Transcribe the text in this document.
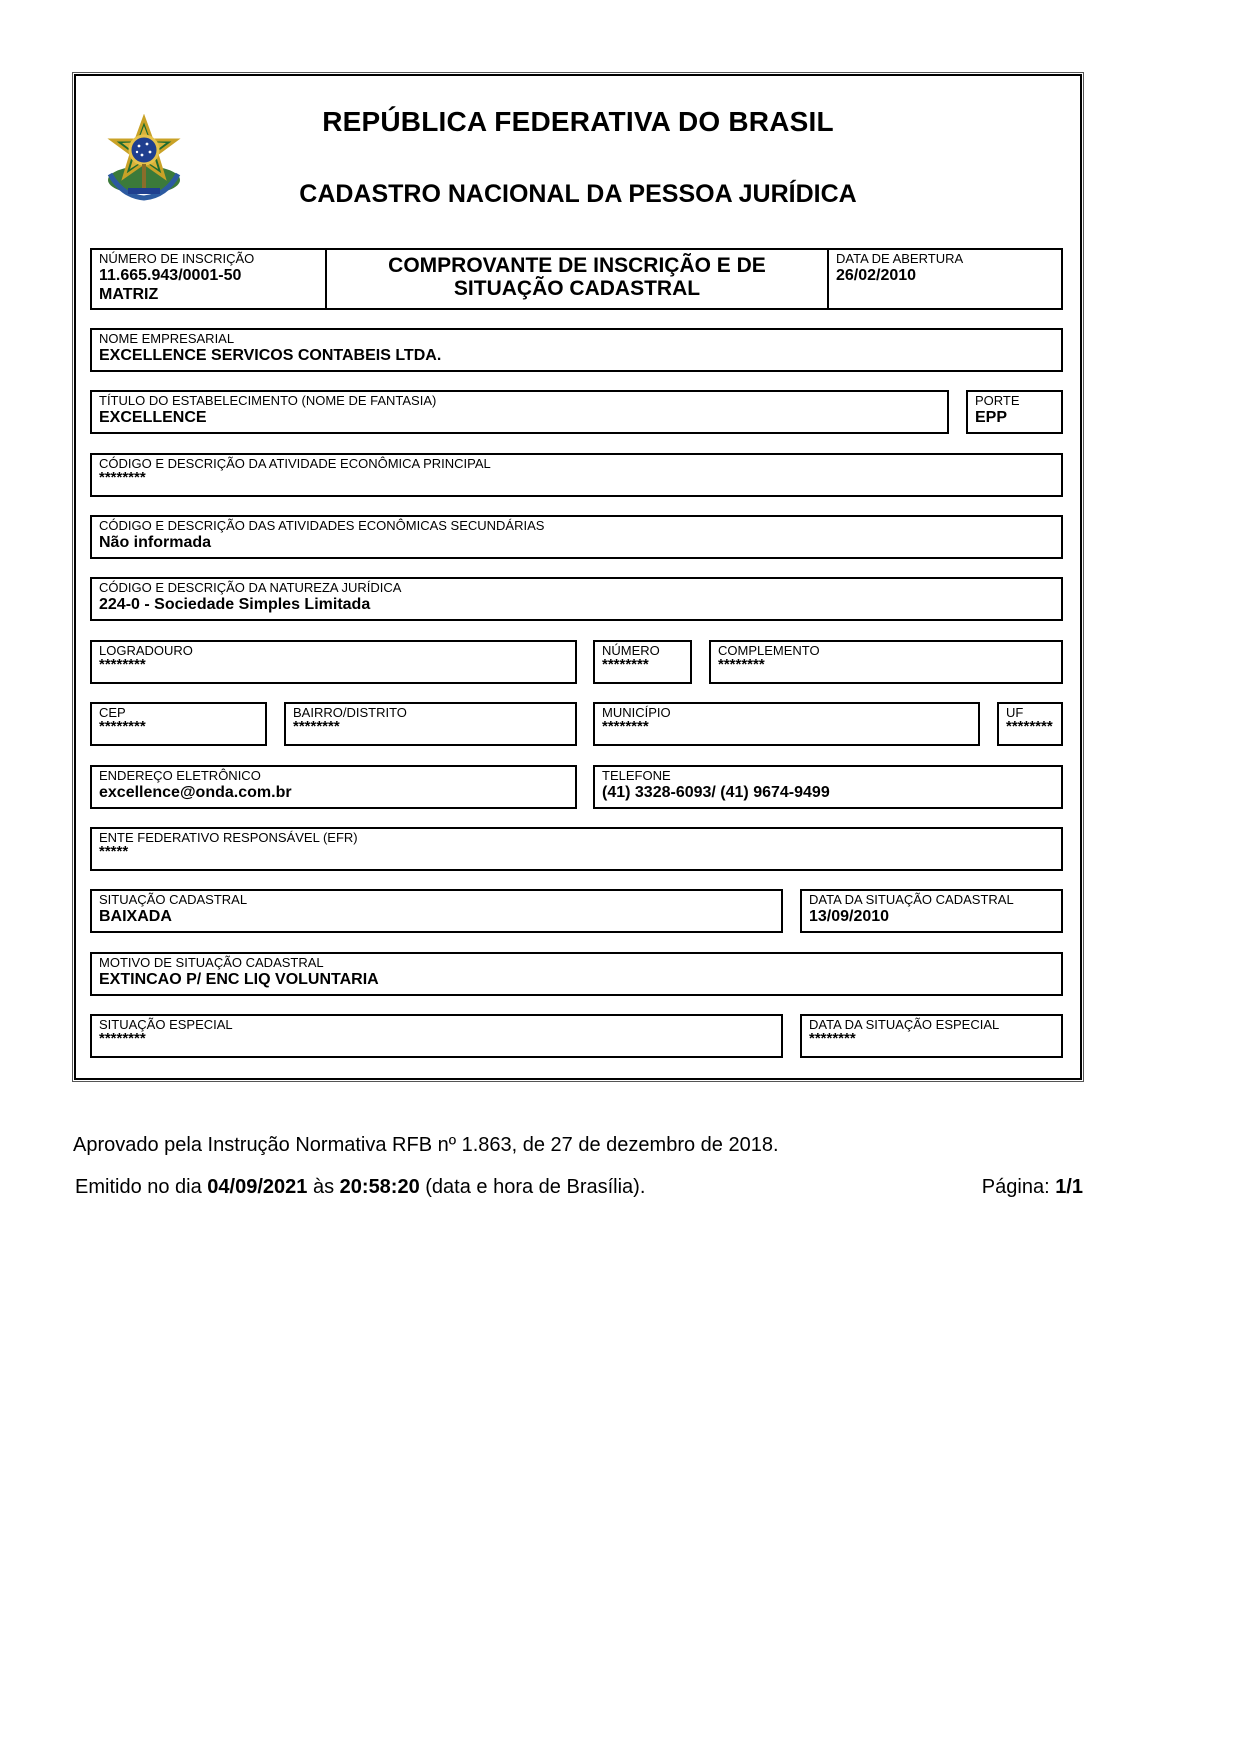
REPÚBLICA FEDERATIVA DO BRASIL
CADASTRO NACIONAL DA PESSOA JURÍDICA
NÚMERO DE INSCRIÇÃO
11.665.943/0001-50
MATRIZ
COMPROVANTE DE INSCRIÇÃO E DE SITUAÇÃO CADASTRAL
DATA DE ABERTURA
26/02/2010
NOME EMPRESARIAL
EXCELLENCE SERVICOS CONTABEIS LTDA.
TÍTULO DO ESTABELECIMENTO (NOME DE FANTASIA)
EXCELLENCE
PORTE
EPP
CÓDIGO E DESCRIÇÃO DA ATIVIDADE ECONÔMICA PRINCIPAL
********
CÓDIGO E DESCRIÇÃO DAS ATIVIDADES ECONÔMICAS SECUNDÁRIAS
Não informada
CÓDIGO E DESCRIÇÃO DA NATUREZA JURÍDICA
224-0 - Sociedade Simples Limitada
LOGRADOURO
********
NÚMERO
********
COMPLEMENTO
********
CEP
********
BAIRRO/DISTRITO
********
MUNICÍPIO
********
UF
********
ENDEREÇO ELETRÔNICO
excellence@onda.com.br
TELEFONE
(41) 3328-6093/ (41) 9674-9499
ENTE FEDERATIVO RESPONSÁVEL (EFR)
*****
SITUAÇÃO CADASTRAL
BAIXADA
DATA DA SITUAÇÃO CADASTRAL
13/09/2010
MOTIVO DE SITUAÇÃO CADASTRAL
EXTINCAO P/ ENC LIQ VOLUNTARIA
SITUAÇÃO ESPECIAL
********
DATA DA SITUAÇÃO ESPECIAL
********
Aprovado pela Instrução Normativa RFB nº 1.863, de 27 de dezembro de 2018.
Emitido no dia 04/09/2021 às 20:58:20 (data e hora de Brasília).	Página: 1/1
